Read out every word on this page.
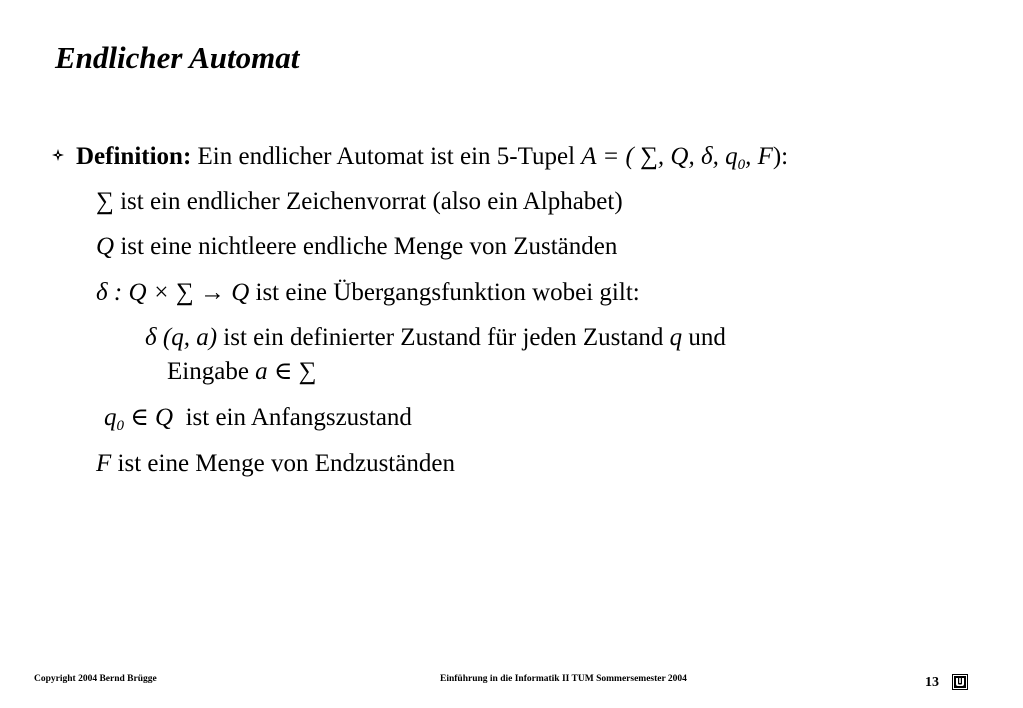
Endlicher Automat
Definition: Ein endlicher Automat ist ein 5-Tupel A = ( ∑, Q, δ, $q_0$, F):
∑ ist ein endlicher Zeichenvorrat (also ein Alphabet)
Q ist eine nichtleere endliche Menge von Zuständen
δ : Q × ∑ → Q ist eine Übergangsfunktion wobei gilt:
δ (q, a) ist ein definierter Zustand für jeden Zustand q und
Eingabe a ∈ ∑
$q_0$ ∈ Q ist ein Anfangszustand
F ist eine Menge von Endzuständen
Copyright 2004 Bernd Brügge	Einführung in die Informatik II TUM Sommersemester 2004	13
